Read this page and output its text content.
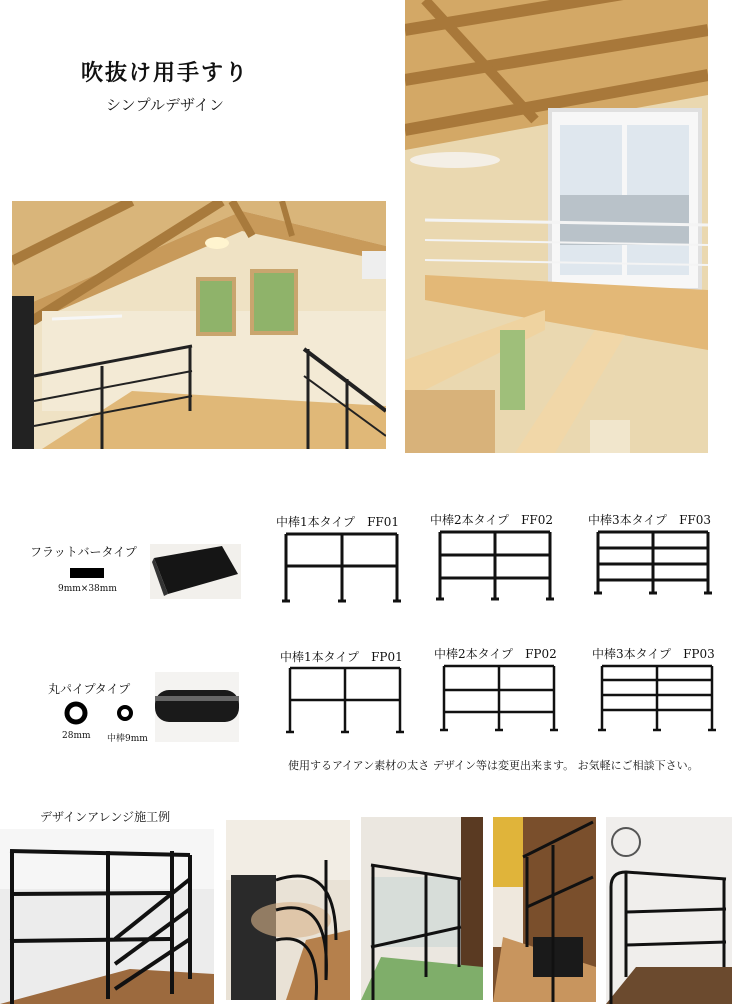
吹抜け用手すり
シンプルデザイン
フラットバータイプ
9mm×38mm
中棒1本タイプ　 FF01	中棒2本タイプ　 FF02	中棒3本タイプ　 FF03
丸パイプタイプ
28mm 中棒9mm
中棒1本タイプ　 FP01	中棒2本タイプ　 FP02	中棒3本タイプ　 FP03
使用するアイアン素材の太さ デザイン等は変更出来ます。 お気軽にご相談下さい。
デザインアレンジ施工例
